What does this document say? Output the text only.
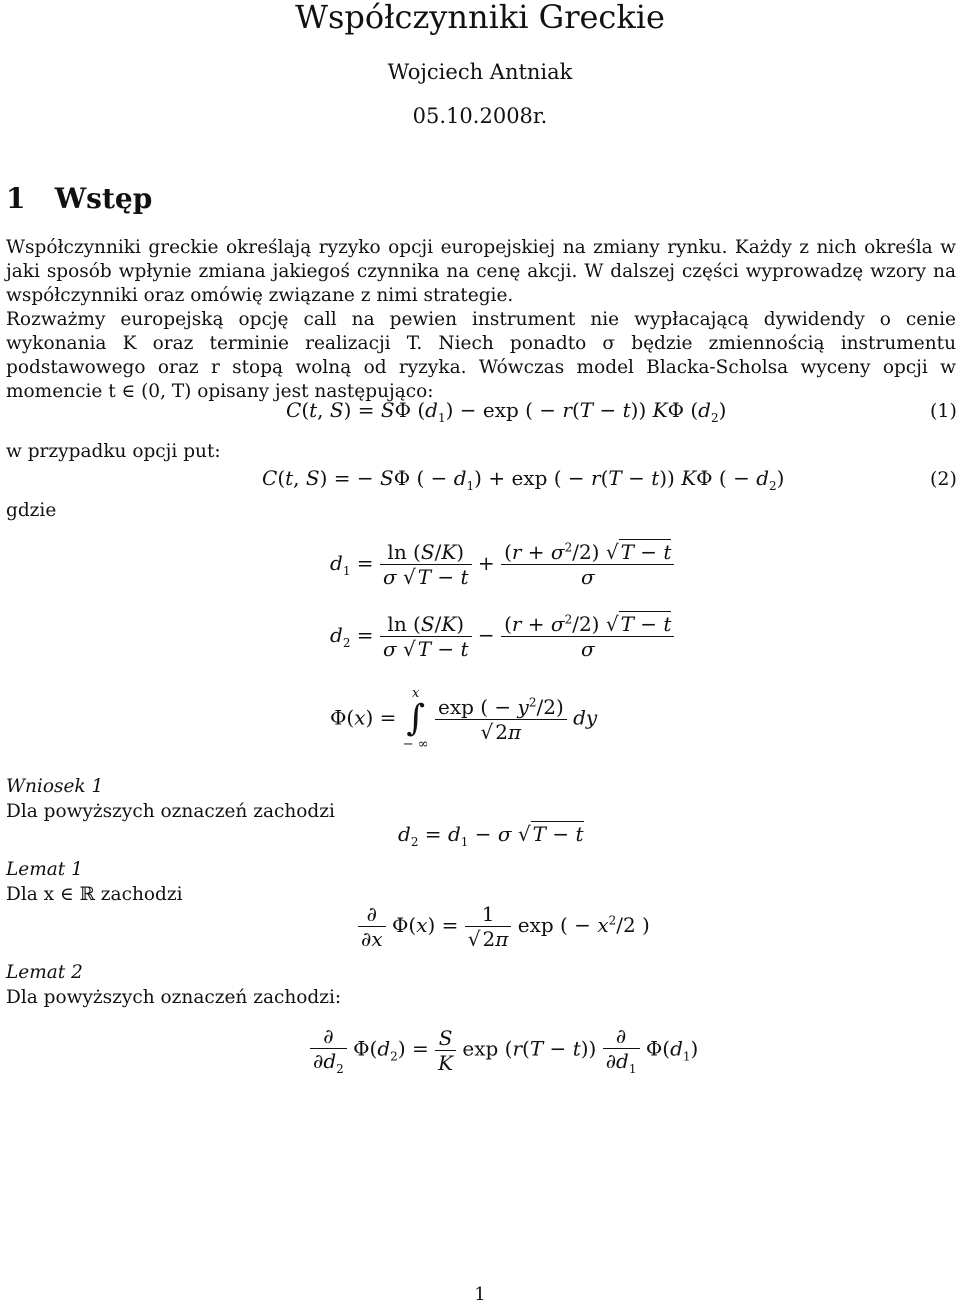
Współczynniki Greckie
Wojciech Antniak
05.10.2008r.
1 Wstęp
Współczynniki greckie określają ryzyko opcji europejskiej na zmiany rynku. Każdy z nich określa w jaki sposób wpłynie zmiana jakiegoś czynnika na cenę akcji. W dalszej części wyprowadzę wzory na współczynniki oraz omówię związane z nimi strategie.
Rozważmy europejską opcję call na pewien instrument nie wypłacającą dywidendy o cenie wykonania K oraz terminie realizacji T. Niech ponadto σ będzie zmiennością instrumentu podstawowego oraz r stopą wolną od ryzyka. Wówczas model Blacka-Scholsa wyceny opcji w momencie t ∈ (0, T) opisany jest następująco:
C(t, S) = SΦ $(d_1) - \exp$ ( − r(T − t)) KΦ $(d_2)$	(1)
w przypadku opcji put:
C(t, S) = − SΦ ( − $d_1) + \exp$ ( − r(T − t)) KΦ ( − $d_2$)	(2)
gdzie
$d_1 = \frac{\ln (S/K)}{\sigma √ T - t} + \frac{(r + \sigma^2/2) √ T - t}{\sigma}$
$d_2 = \frac{\ln (S/K)}{\sigma √ T - t} - \frac{(r + \sigma^2/2) √ T - t}{\sigma}$
Φ(x) =
x
∫
− ∞

$\frac{\exp ( - y^2/2)}{√ 2\pi}$ dy
Wniosek 1
Dla powyższych oznaczeń zachodzi
$d_2 = d_1 - \sigma$ √ T − t
Lemat 1
Dla x ∈ ℝ zachodzi
$\frac{\partial}{\partial x} \Phi(x) = \frac{1}{√ 2\pi}$ exp ( − $x^2/2$ )
Lemat 2
Dla powyższych oznaczeń zachodzi:
$\frac{\partial}{\partial d_2} \Phi(d_2) = \frac{S}{K}$ $\exp (r(T - t)) \frac{\partial}{\partial d_1} \Phi(d_1)$
1
